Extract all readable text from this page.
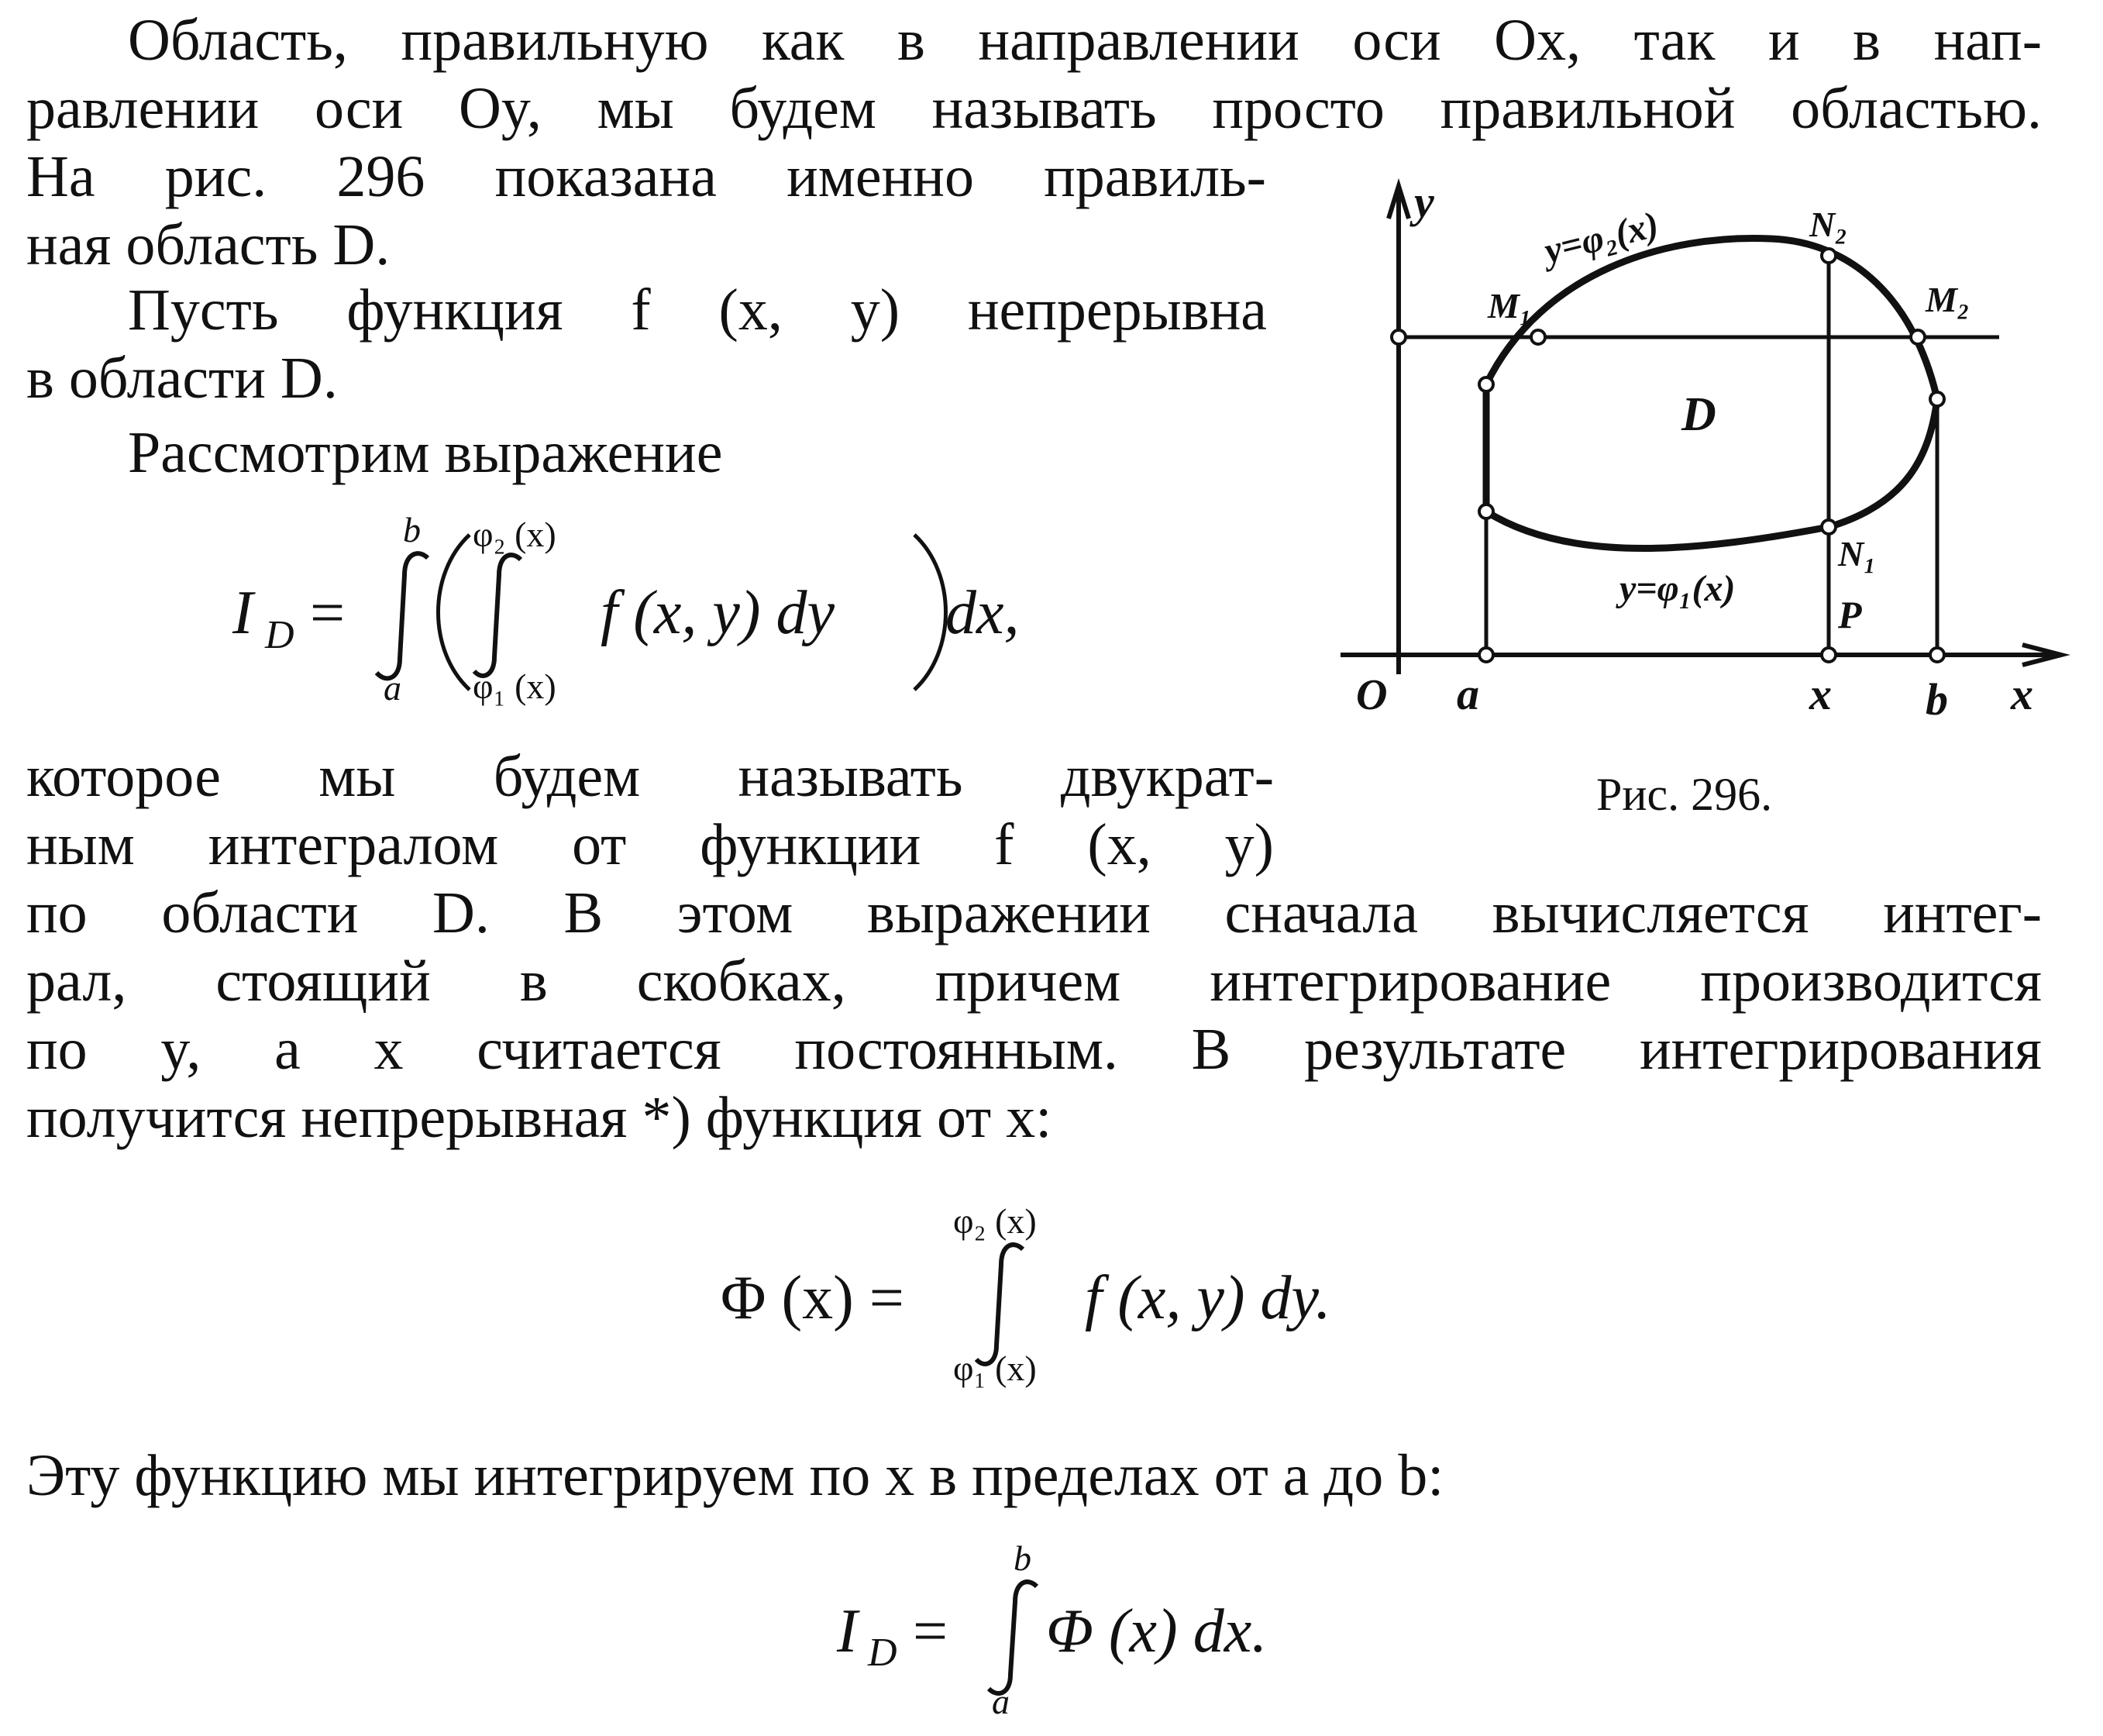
Область, правильную как в направлении оси Ox, так и в нап-
равлении оси Oy, мы будем называть просто правильной областью.
На рис. 296 показана именно правиль-
ная область D.
Пусть функция f (x, y) непрерывна
в области D.
Рассмотрим выражение
I D =
b
a
φ₂ (x)
φ₁ (x)
f (x, y) dy dx,
y
x
O a	x b
D
y=φ₂(x)
y=φ₁(x)
M₁	M₂
N₂
N₁
P
Рис. 296.
которое мы будем называть двукрат-
ным интегралом от функции f (x, y)
по области D. В этом выражении сначала вычисляется интег-
рал, стоящий в скобках, причем интегрирование производится
по y, а x считается постоянным. В результате интегрирования
получится непрерывная *) функция от x:
Φ (x) =
φ₂ (x)
φ₁ (x)
f (x, y) dy.
Эту функцию мы интегрируем по x в пределах от a до b:
I D =
b
a
Φ (x) dx.
